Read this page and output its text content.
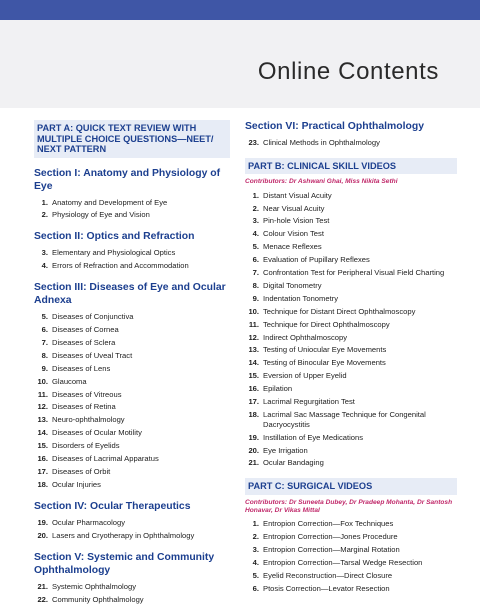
Online Contents
PART A: QUICK TEXT REVIEW WITH MULTIPLE CHOICE QUESTIONS—NEET/ NEXT PATTERN
Section I: Anatomy and Physiology of Eye
1. Anatomy and Development of Eye
2. Physiology of Eye and Vision
Section II: Optics and Refraction
3. Elementary and Physiological Optics
4. Errors of Refraction and Accommodation
Section III: Diseases of Eye and Ocular Adnexa
5. Diseases of Conjunctiva
6. Diseases of Cornea
7. Diseases of Sclera
8. Diseases of Uveal Tract
9. Diseases of Lens
10. Glaucoma
11. Diseases of Vitreous
12. Diseases of Retina
13. Neuro-ophthalmology
14. Diseases of Ocular Motility
15. Disorders of Eyelids
16. Diseases of Lacrimal Apparatus
17. Diseases of Orbit
18. Ocular Injuries
Section IV: Ocular Therapeutics
19. Ocular Pharmacology
20. Lasers and Cryotherapy in Ophthalmology
Section V: Systemic and Community Ophthalmology
21. Systemic Ophthalmology
22. Community Ophthalmology
Section VI: Practical Ophthalmology
23. Clinical Methods in Ophthalmology
PART B: CLINICAL SKILL VIDEOS
Contributors: Dr Ashwani Ghai, Miss Nikita Sethi
1. Distant Visual Acuity
2. Near Visual Acuity
3. Pin-hole Vision Test
4. Colour Vision Test
5. Menace Reflexes
6. Evaluation of Pupillary Reflexes
7. Confrontation Test for Peripheral Visual Field Charting
8. Digital Tonometry
9. Indentation Tonometry
10. Technique for Distant Direct Ophthalmoscopy
11. Technique for Direct Ophthalmoscopy
12. Indirect Ophthalmoscopy
13. Testing of Uniocular Eye Movements
14. Testing of Binocular Eye Movements
15. Eversion of Upper Eyelid
16. Epilation
17. Lacrimal Regurgitation Test
18. Lacrimal Sac Massage Technique for Congenital Dacryocystitis
19. Instillation of Eye Medications
20. Eye Irrigation
21. Ocular Bandaging
PART C: SURGICAL VIDEOS
Contributors: Dr Suneeta Dubey, Dr Pradeep Mohanta, Dr Santosh Honavar, Dr Vikas Mittal
1. Entropion Correction—Fox Techniques
2. Entropion Correction—Jones Procedure
3. Entropion Correction—Marginal Rotation
4. Entropion Correction—Tarsal Wedge Resection
5. Eyelid Reconstruction—Direct Closure
6. Ptosis Correction—Levator Resection
